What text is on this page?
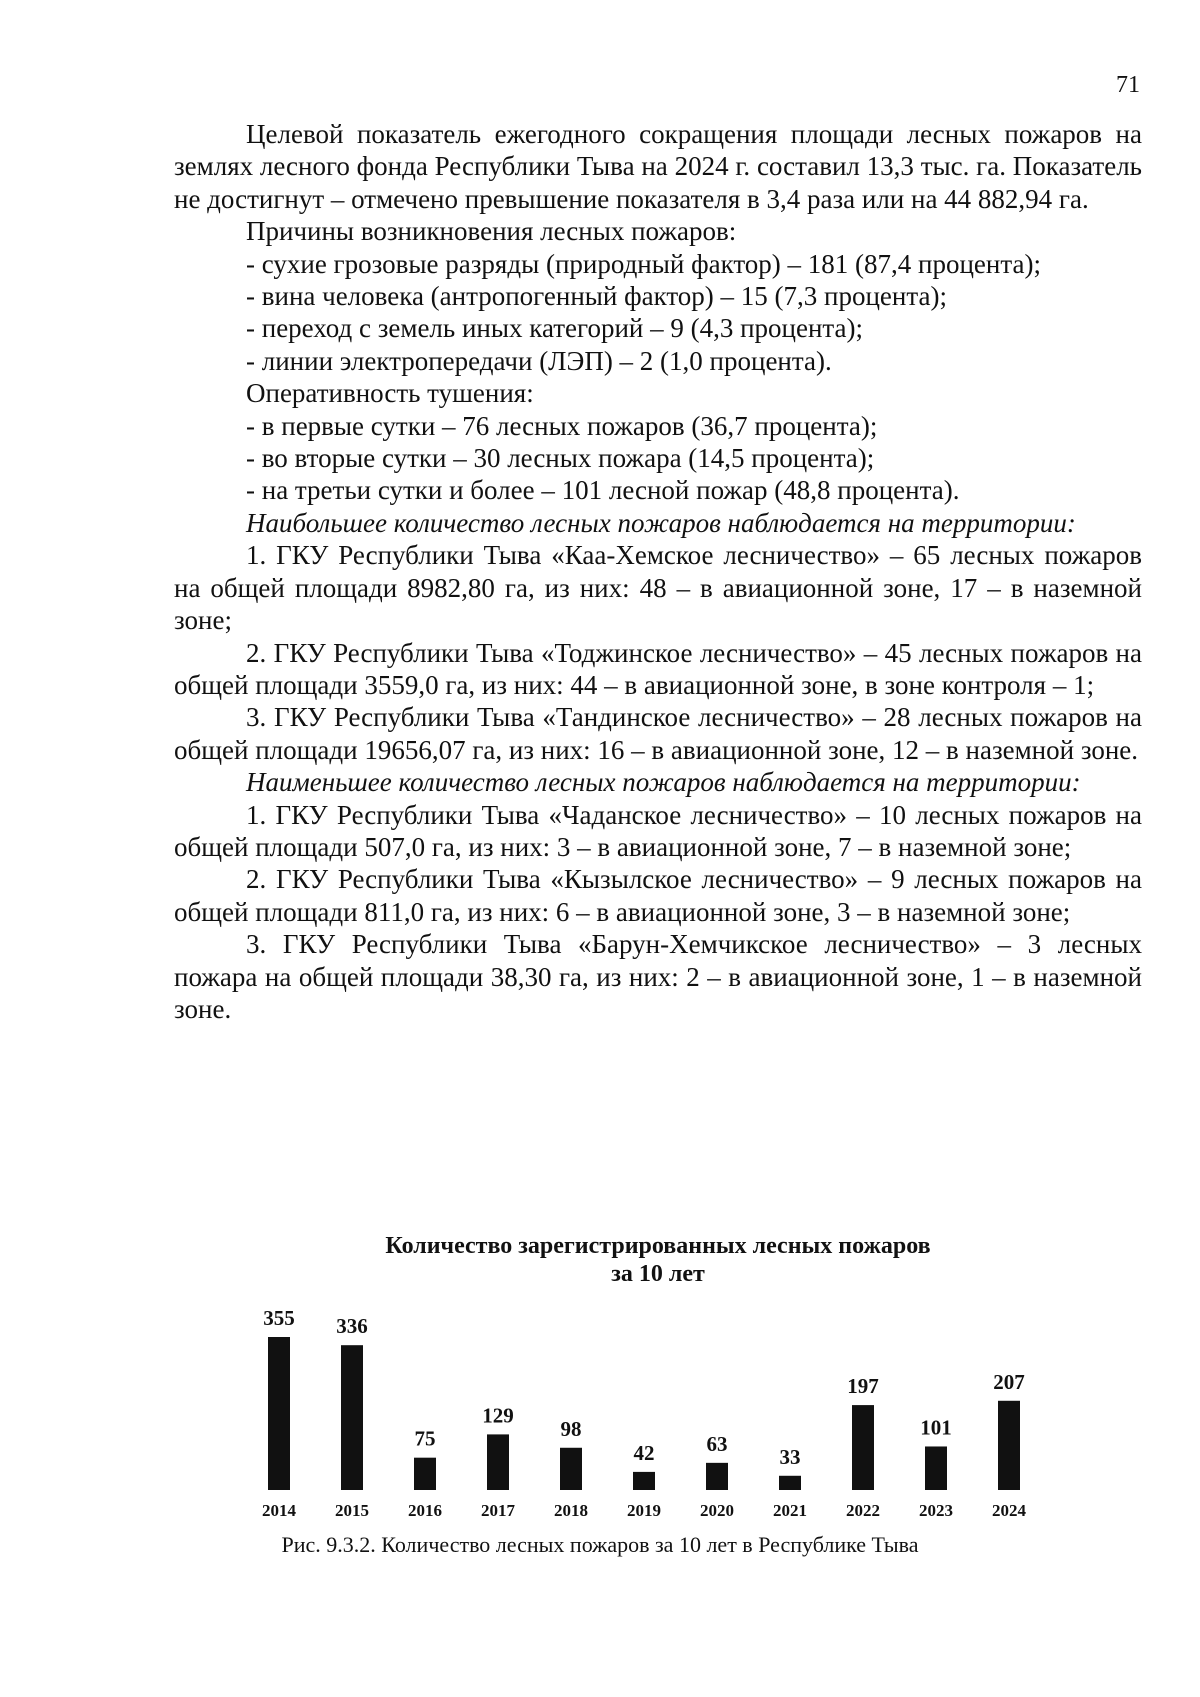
71

Целевой показатель ежегодного сокращения площади лесных пожаров на землях лесного фонда Республики Тыва на 2024 г. составил 13,3 тыс. га. Показатель не достигнут – отмечено превышение показателя в 3,4 раза или на 44 882,94 га.

Причины возникновения лесных пожаров:

- сухие грозовые разряды (природный фактор) – 181 (87,4 процента);

- вина человека (антропогенный фактор) – 15 (7,3 процента);

- переход с земель иных категорий – 9 (4,3 процента);

- линии электропередачи (ЛЭП) – 2 (1,0 процента).

Оперативность тушения:

- в первые сутки – 76 лесных пожаров (36,7 процента);

- во вторые сутки – 30 лесных пожара (14,5 процента);

- на третьи сутки и более – 101 лесной пожар (48,8 процента).

Наибольшее количество лесных пожаров наблюдается на территории:

1. ГКУ Республики Тыва «Каа-Хемское лесничество» – 65 лесных пожаров на общей площади 8982,80 га, из них: 48 – в авиационной зоне, 17 – в наземной зоне;

2. ГКУ Республики Тыва «Тоджинское лесничество» – 45 лесных пожаров на общей площади 3559,0 га, из них: 44 – в авиационной зоне, в зоне контроля – 1;

3. ГКУ Республики Тыва «Тандинское лесничество» – 28 лесных пожаров на общей площади 19656,07 га, из них: 16 – в авиационной зоне, 12 – в наземной зоне.

Наименьшее количество лесных пожаров наблюдается на территории:

1. ГКУ Республики Тыва «Чаданское лесничество» – 10 лесных пожаров на общей площади 507,0 га, из них: 3 – в авиационной зоне, 7 – в наземной зоне;

2. ГКУ Республики Тыва «Кызылское лесничество» – 9 лесных пожаров на общей площади 811,0 га, из них: 6 – в авиационной зоне, 3 – в наземной зоне;

3. ГКУ Республики Тыва «Барун-Хемчикское лесничество» – 3 лесных пожара на общей площади 38,30 га, из них: 2 – в авиационной зоне, 1 – в наземной зоне.

Количество зарегистрированных лесных пожаров
за 10 лет
355
2014
336
2015
75
2016
129
2017
98
2018
42
2019
63
2020
33
2021
197
2022
101
2023
207
2024
Рис. 9.3.2. Количество лесных пожаров за 10 лет в Республике Тыва
